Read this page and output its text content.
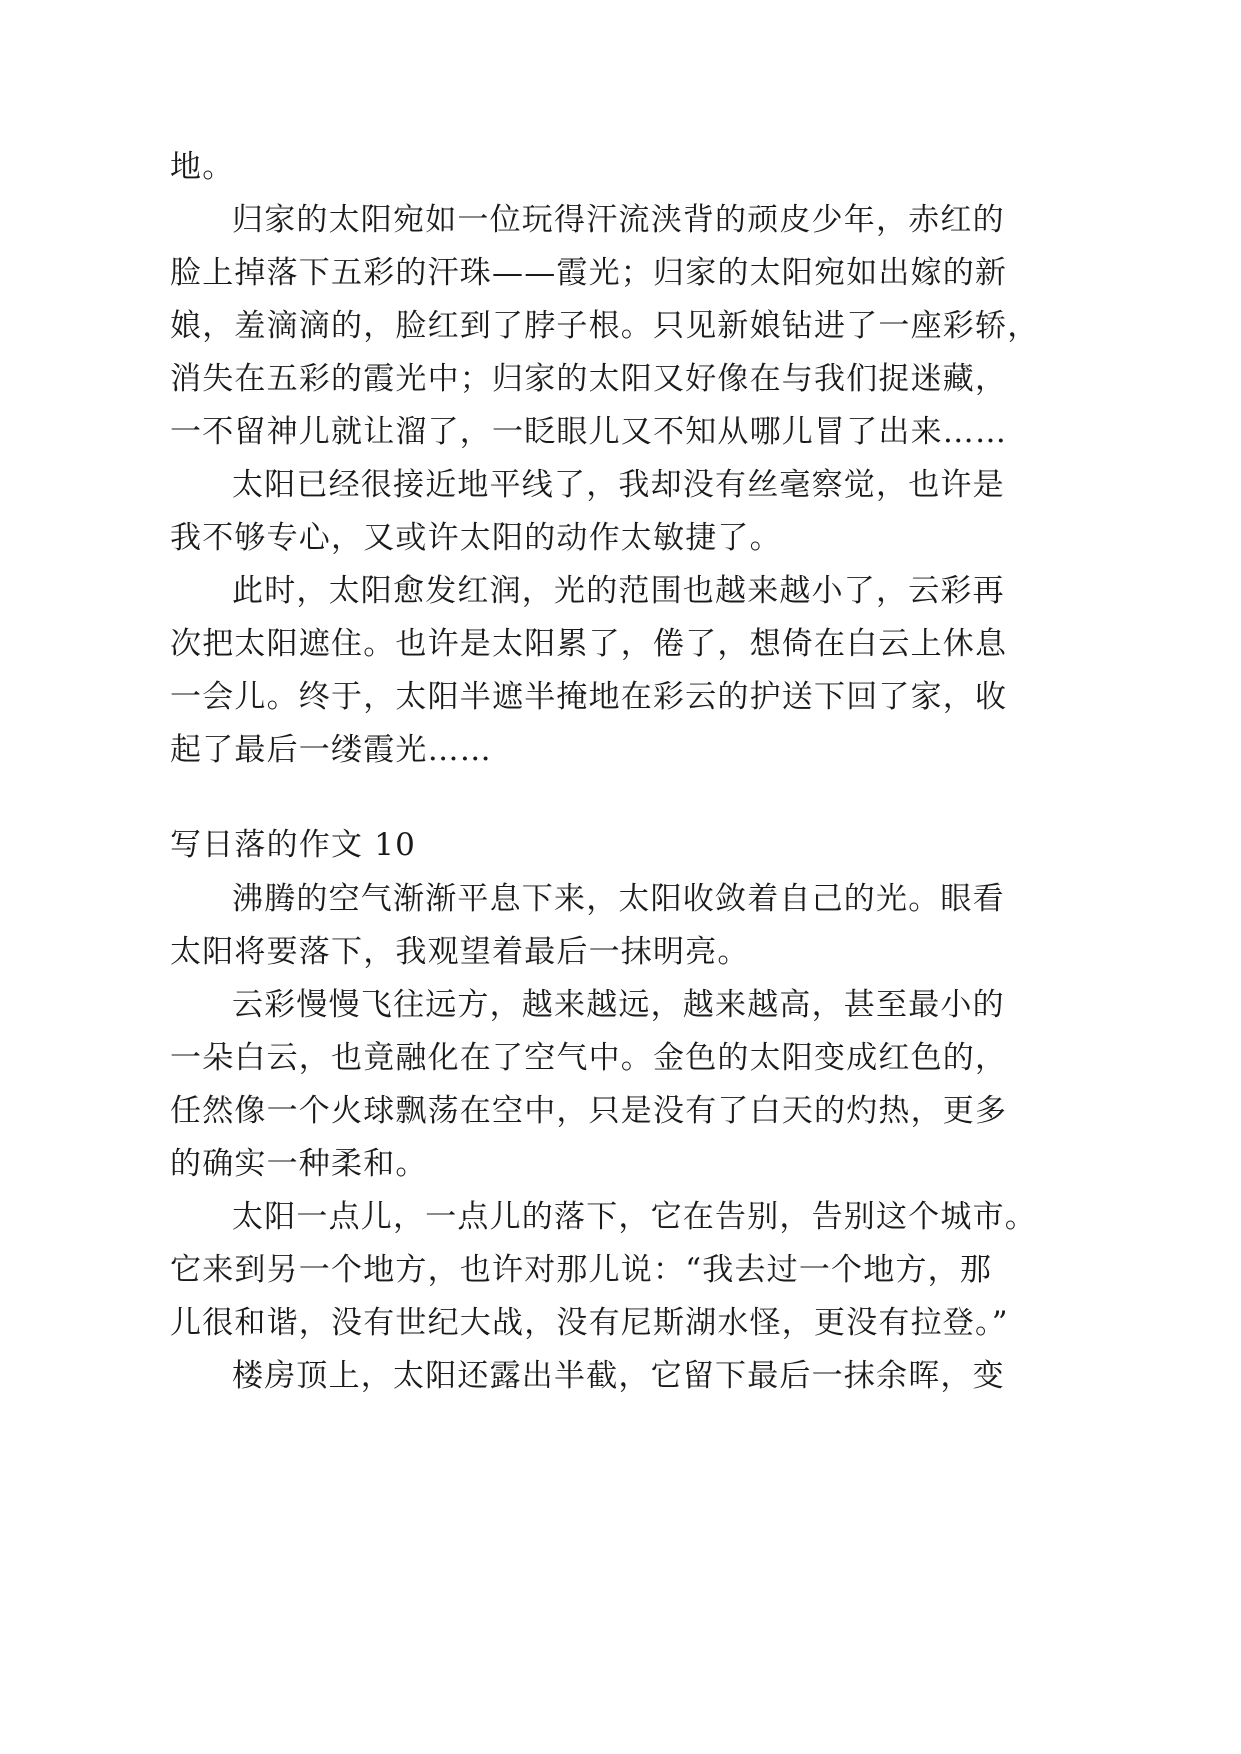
地。
归家的太阳宛如一位玩得汗流浃背的顽皮少年，赤红的
脸上掉落下五彩的汗珠——霞光；归家的太阳宛如出嫁的新
娘，羞滴滴的，脸红到了脖子根。只见新娘钻进了一座彩轿，
消失在五彩的霞光中；归家的太阳又好像在与我们捉迷藏，
一不留神儿就让溜了，一眨眼儿又不知从哪儿冒了出来……
太阳已经很接近地平线了，我却没有丝毫察觉，也许是
我不够专心，又或许太阳的动作太敏捷了。
此时，太阳愈发红润，光的范围也越来越小了，云彩再
次把太阳遮住。也许是太阳累了，倦了，想倚在白云上休息
一会儿。终于，太阳半遮半掩地在彩云的护送下回了家，收
起了最后一缕霞光……
写日落的作文 10
沸腾的空气渐渐平息下来，太阳收敛着自己的光。眼看
太阳将要落下，我观望着最后一抹明亮。
云彩慢慢飞往远方，越来越远，越来越高，甚至最小的
一朵白云，也竟融化在了空气中。金色的太阳变成红色的，
任然像一个火球飘荡在空中，只是没有了白天的灼热，更多
的确实一种柔和。
太阳一点儿，一点儿的落下，它在告别，告别这个城市。
它来到另一个地方，也许对那儿说：“我去过一个地方，那
儿很和谐，没有世纪大战，没有尼斯湖水怪，更没有拉登。”
楼房顶上，太阳还露出半截，它留下最后一抹余晖，变
